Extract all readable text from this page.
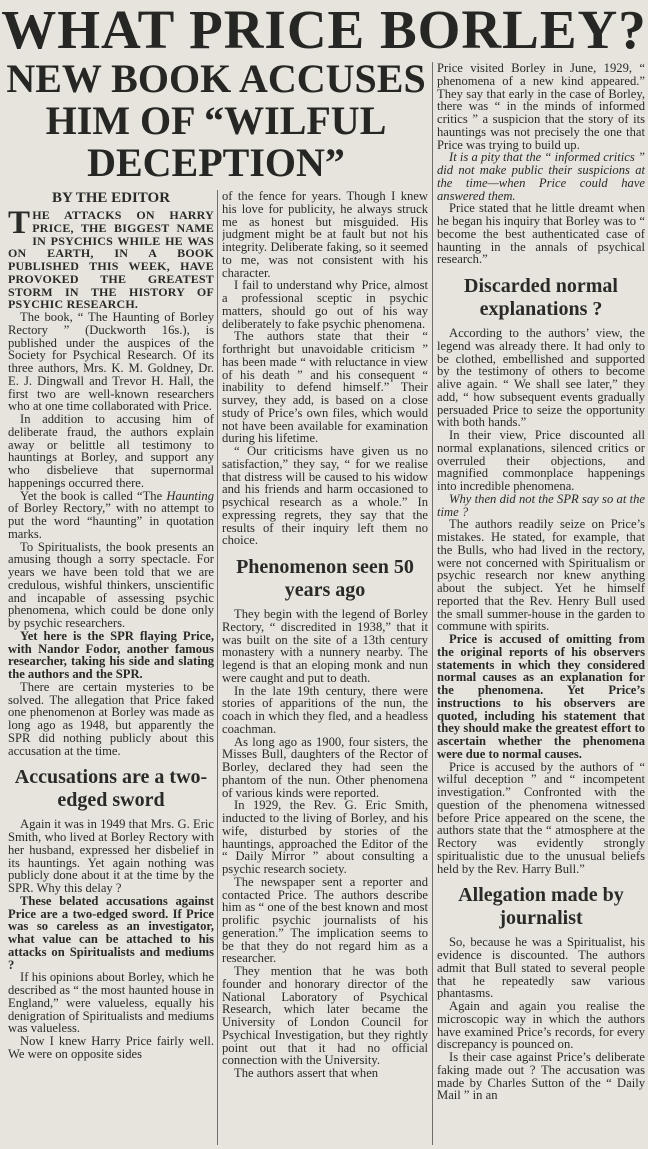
WHAT PRICE BORLEY?
NEW BOOK ACCUSES
HIM OF “WILFUL
DECEPTION”

BY THE EDITOR

THE ATTACKS ON HARRY PRICE, THE BIGGEST NAME IN PSYCHICS WHILE HE WAS ON EARTH, IN A BOOK PUBLISHED THIS WEEK, HAVE PROVOKED THE GREATEST STORM IN THE HISTORY OF PSYCHIC RESEARCH.

The book, “ The Haunting of Borley Rectory ” (Duckworth 16s.), is published under the auspices of the Society for Psychical Research. Of its three authors, Mrs. K. M. Goldney, Dr. E. J. Dingwall and Trevor H. Hall, the first two are well-known researchers who at one time collaborated with Price.

In addition to accusing him of deliberate fraud, the authors explain away or belittle all testimony to hauntings at Borley, and support any who disbelieve that supernormal happenings occurred there.

Yet the book is called “The Haunting of Borley Rectory,” with no attempt to put the word “haunting” in quotation marks.

To Spiritualists, the book presents an amusing though a sorry spectacle. For years we have been told that we are credulous, wishful thinkers, unscientific and incapable of assessing psychic phenomena, which could be done only by psychic researchers.

Yet here is the SPR flaying Price, with Nandor Fodor, another famous researcher, taking his side and slating the authors and the SPR.

There are certain mysteries to be solved. The allegation that Price faked one phenomenon at Borley was made as long ago as 1948, but apparently the SPR did nothing publicly about this accusation at the time.

Accusations are a two-edged sword

Again it was in 1949 that Mrs. G. Eric Smith, who lived at Borley Rectory with her husband, expressed her disbelief in its hauntings. Yet again nothing was publicly done about it at the time by the SPR. Why this delay ?

These belated accusations against Price are a two-edged sword. If Price was so careless as an investigator, what value can be attached to his attacks on Spiritualists and mediums ?

If his opinions about Borley, which he described as “ the most haunted house in England,” were valueless, equally his denigration of Spiritualists and mediums was valueless.

Now I knew Harry Price fairly well. We were on opposite sides

of the fence for years. Though I knew his love for publicity, he always struck me as honest but misguided. His judgment might be at fault but not his integrity. Deliberate faking, so it seemed to me, was not consistent with his character.

I fail to understand why Price, almost a professional sceptic in psychic matters, should go out of his way deliberately to fake psychic phenomena.

The authors state that their “ forthright but unavoidable criticism ” has been made “ with reluctance in view of his death ” and his consequent “ inability to defend himself.” Their survey, they add, is based on a close study of Price’s own files, which would not have been available for examination during his lifetime.

“ Our criticisms have given us no satisfaction,” they say, “ for we realise that distress will be caused to his widow and his friends and harm occasioned to psychical research as a whole.” In expressing regrets, they say that the results of their inquiry left them no choice.

Phenomenon seen 50 years ago

They begin with the legend of Borley Rectory, “ discredited in 1938,” that it was built on the site of a 13th century monastery with a nunnery nearby. The legend is that an eloping monk and nun were caught and put to death.

In the late 19th century, there were stories of apparitions of the nun, the coach in which they fled, and a headless coachman.

As long ago as 1900, four sisters, the Misses Bull, daughters of the Rector of Borley, declared they had seen the phantom of the nun. Other phenomena of various kinds were reported.

In 1929, the Rev. G. Eric Smith, inducted to the living of Borley, and his wife, disturbed by stories of the hauntings, approached the Editor of the “ Daily Mirror ” about consulting a psychic research society.

The newspaper sent a reporter and contacted Price. The authors describe him as “ one of the best known and most prolific psychic journalists of his generation.” The implication seems to be that they do not regard him as a researcher.

They mention that he was both founder and honorary director of the National Laboratory of Psychical Research, which later became the University of London Council for Psychical Investigation, but they rightly point out that it had no official connection with the University.

The authors assert that when

Price visited Borley in June, 1929, “ phenomena of a new kind appeared.” They say that early in the case of Borley, there was “ in the minds of informed critics ” a suspicion that the story of its hauntings was not precisely the one that Price was trying to build up.

It is a pity that the “ informed critics ” did not make public their suspicions at the time—when Price could have answered them.

Price stated that he little dreamt when he began his inquiry that Borley was to “ become the best authenticated case of haunting in the annals of psychical research.”

Discarded normal explanations ?

According to the authors’ view, the legend was already there. It had only to be clothed, embellished and supported by the testimony of others to become alive again. “ We shall see later,” they add, “ how subsequent events gradually persuaded Price to seize the opportunity with both hands.”

In their view, Price discounted all normal explanations, silenced critics or overruled their objections, and magnified commonplace happenings into incredible phenomena.

Why then did not the SPR say so at the time ?

The authors readily seize on Price’s mistakes. He stated, for example, that the Bulls, who had lived in the rectory, were not concerned with Spiritualism or psychic research nor knew anything about the subject. Yet he himself reported that the Rev. Henry Bull used the small summer-house in the garden to commune with spirits.

Price is accused of omitting from the original reports of his observers statements in which they considered normal causes as an explanation for the phenomena. Yet Price’s instructions to his observers are quoted, including his statement that they should make the greatest effort to ascertain whether the phenomena were due to normal causes.

Price is accused by the authors of “ wilful deception ” and “ incompetent investigation.” Confronted with the question of the phenomena witnessed before Price appeared on the scene, the authors state that the “ atmosphere at the Rectory was evidently strongly spiritualistic due to the unusual beliefs held by the Rev. Harry Bull.”

Allegation made by journalist

So, because he was a Spiritualist, his evidence is discounted. The authors admit that Bull stated to several people that he repeatedly saw various phantasms.

Again and again you realise the microscopic way in which the authors have examined Price’s records, for every discrepancy is pounced on.

Is their case against Price’s deliberate faking made out ? The accusation was made by Charles Sutton of the “ Daily Mail ” in an
